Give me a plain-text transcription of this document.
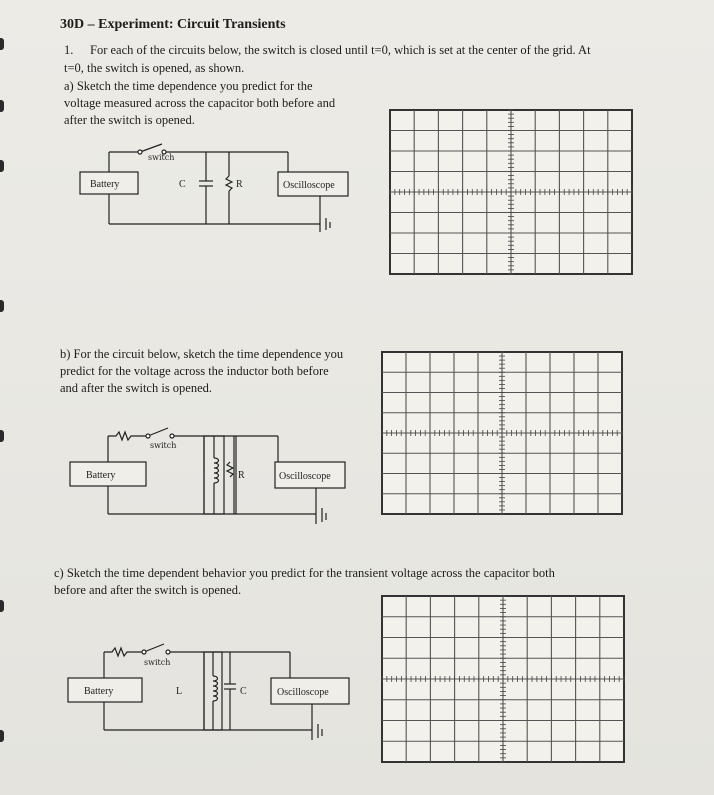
30D – Experiment: Circuit Transients
1. For each of the circuits below, the switch is closed until t=0, which is set at the center of the grid. At
t=0, the switch is opened, as shown.
a) Sketch the time dependence you predict for the
voltage measured across the capacitor both before and
after the switch is opened.
switch
Battery	C	R	Oscilloscope
b) For the circuit below, sketch the time dependence you
predict for the voltage across the inductor both before
and after the switch is opened.
switch
Battery	R	Oscilloscope
c) Sketch the time dependent behavior you predict for the transient voltage across the capacitor both
before and after the switch is opened.
switch
Battery	L	C	Oscilloscope
